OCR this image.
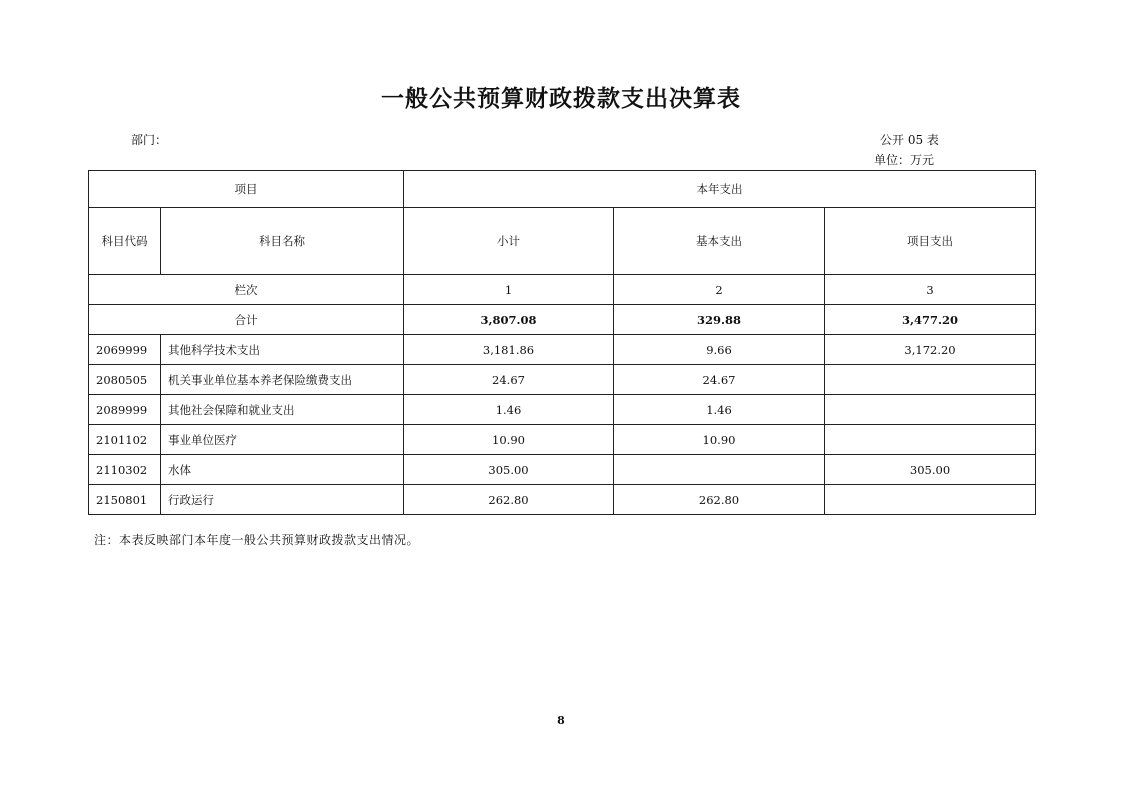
一般公共预算财政拨款支出决算表
部门：	公开 05 表
单位：万元
项目		本年支出		
科目代码	科目名称	小计	基本支出	项目支出
栏次		1	2	3
合计		3,807.08	329.88	3,477.20
2069999	其他科学技术支出	3,181.86	9.66	3,172.20
2080505	机关事业单位基本养老保险缴费支出	24.67	24.67	
2089999	其他社会保障和就业支出	1.46	1.46	
2101102	事业单位医疗	10.90	10.90	
2110302	水体	305.00		305.00
2150801	行政运行	262.80	262.80	
注：本表反映部门本年度一般公共预算财政拨款支出情况。
8
